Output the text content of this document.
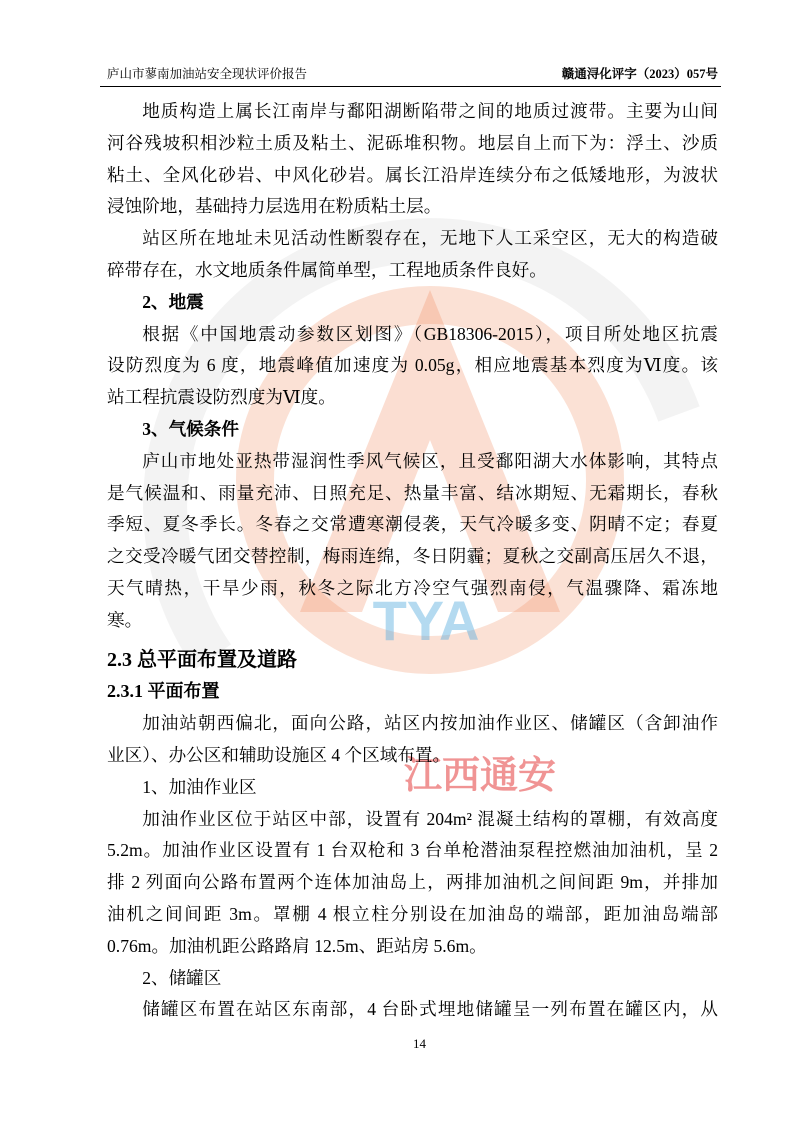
庐山市蓼南加油站安全现状评价报告	赣通浔化评字（2023）057号
TYA
江西通安
地质构造上属长江南岸与鄱阳湖断陷带之间的地质过渡带。主要为山间
河谷残坡积相沙粒土质及粘土、泥砾堆积物。地层自上而下为：浮土、沙质
粘土、全风化砂岩、中风化砂岩。属长江沿岸连续分布之低矮地形，为波状
浸蚀阶地，基础持力层选用在粉质粘土层。
站区所在地址未见活动性断裂存在，无地下人工采空区，无大的构造破
碎带存在，水文地质条件属简单型，工程地质条件良好。
2、地震
根据《中国地震动参数区划图》（GB18306-2015），项目所处地区抗震
设防烈度为 6 度，地震峰值加速度为 0.05g，相应地震基本烈度为Ⅵ度。该
站工程抗震设防烈度为Ⅵ度。
3、气候条件
庐山市地处亚热带湿润性季风气候区，且受鄱阳湖大水体影响，其特点
是气候温和、雨量充沛、日照充足、热量丰富、结冰期短、无霜期长，春秋
季短、夏冬季长。冬春之交常遭寒潮侵袭，天气冷暖多变、阴晴不定；春夏
之交受冷暖气团交替控制，梅雨连绵，冬日阴霾；夏秋之交副高压居久不退，
天气晴热，干旱少雨，秋冬之际北方冷空气强烈南侵，气温骤降、霜冻地
寒。
2.3 总平面布置及道路
2.3.1 平面布置
加油站朝西偏北，面向公路，站区内按加油作业区、储罐区（含卸油作
业区）、办公区和辅助设施区 4 个区域布置。
1、加油作业区
加油作业区位于站区中部，设置有 204m² 混凝土结构的罩棚，有效高度
5.2m。加油作业区设置有 1 台双枪和 3 台单枪潜油泵程控燃油加油机，呈 2
排 2 列面向公路布置两个连体加油岛上，两排加油机之间间距 9m，并排加
油机之间间距 3m。罩棚 4 根立柱分别设在加油岛的端部，距加油岛端部
0.76m。加油机距公路路肩 12.5m、距站房 5.6m。
2、储罐区
储罐区布置在站区东南部，4 台卧式埋地储罐呈一列布置在罐区内，从
14
